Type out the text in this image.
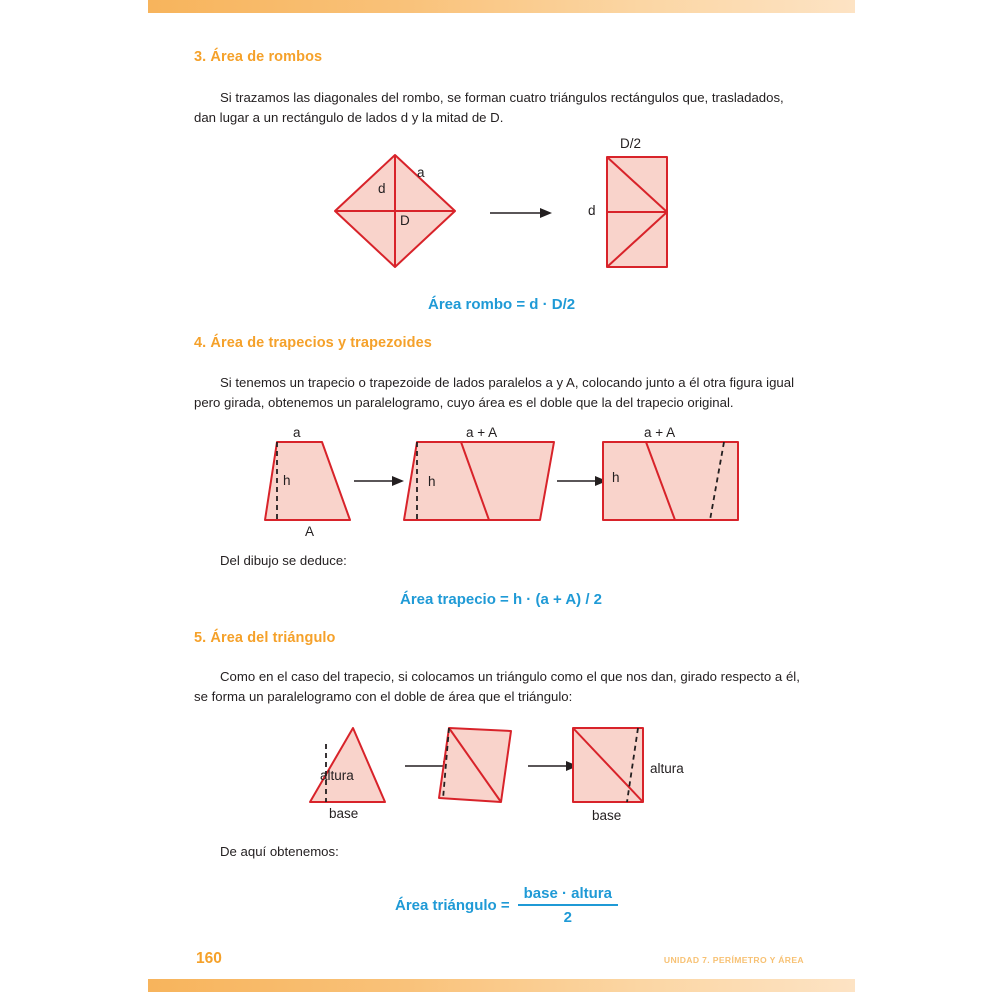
3. Área de rombos
Si trazamos las diagonales del rombo, se forman cuatro triángulos rectángulos que, trasladados, dan lugar a un rectángulo de lados d y la mitad de D.
a
d
D
D/2
d
Área rombo = d · D/2
4. Área de trapecios y trapezoides
Si tenemos un trapecio o trapezoide de lados paralelos a y A, colocando junto a él otra figura igual pero girada, obtenemos un paralelogramo, cuyo área es el doble que la del trapecio original.
a
h
A
a + A
h
a + A
h
Del dibujo se deduce:
Área trapecio = h · (a + A) / 2
5. Área del triángulo
Como en el caso del trapecio, si colocamos un triángulo como el que nos dan, girado respecto a él, se forma un paralelogramo con el doble de área que el triángulo:
altura
base
altura
base
De aquí obtenemos:
Área triángulo = $\frac{\text{base · altura}}{2}$
160	UNIDAD 7. PERÍMETRO Y ÁREA
